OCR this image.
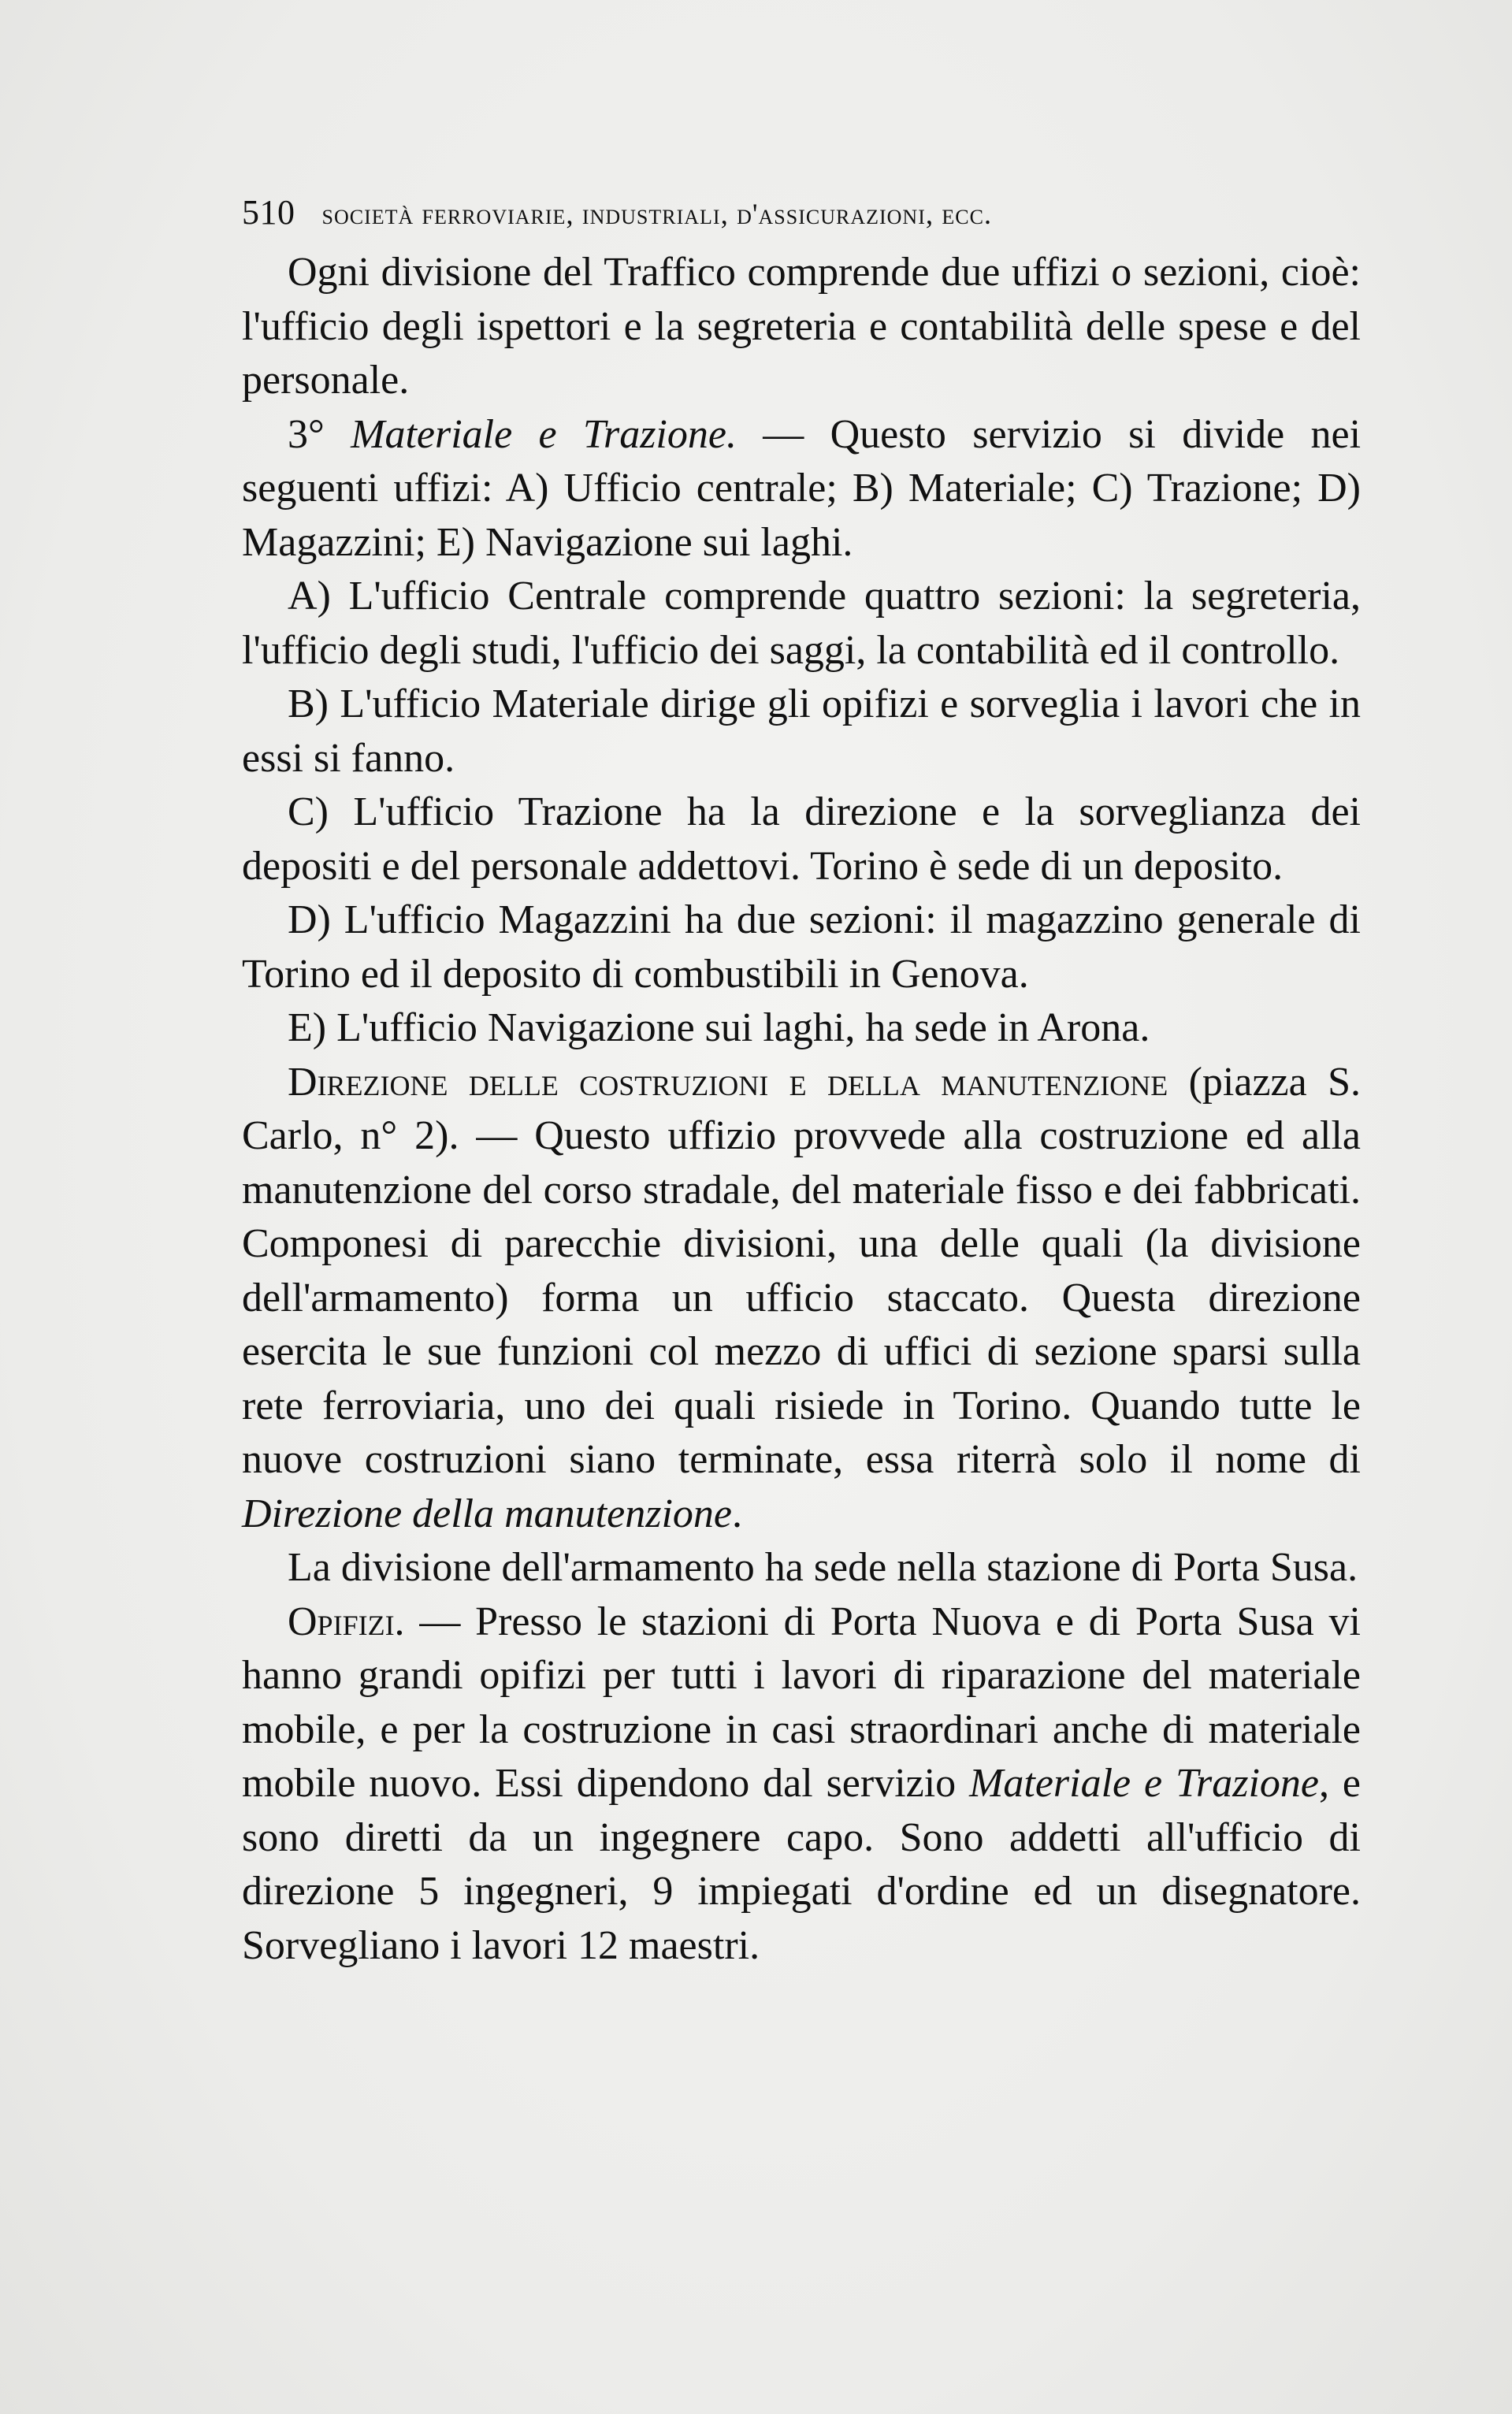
510 società ferroviarie, industriali, d'assicurazioni, ecc.

Ogni divisione del Traffico comprende due uffizi o sezioni, cioè: l'ufficio degli ispettori e la segreteria e contabilità delle spese e del personale.

3° Materiale e Trazione. — Questo servizio si divide nei seguenti uffizi: A) Ufficio centrale; B) Materiale; C) Trazione; D) Magazzini; E) Navigazione sui laghi.

A) L'ufficio Centrale comprende quattro sezioni: la segreteria, l'ufficio degli studi, l'ufficio dei saggi, la contabilità ed il controllo.

B) L'ufficio Materiale dirige gli opifizi e sorveglia i lavori che in essi si fanno.

C) L'ufficio Trazione ha la direzione e la sorveglianza dei depositi e del personale addettovi. Torino è sede di un deposito.

D) L'ufficio Magazzini ha due sezioni: il magazzino generale di Torino ed il deposito di combustibili in Genova.

E) L'ufficio Navigazione sui laghi, ha sede in Arona.

Direzione delle costruzioni e della manutenzione (piazza S. Carlo, n° 2). — Questo uffizio provvede alla costruzione ed alla manutenzione del corso stradale, del materiale fisso e dei fabbricati. Componesi di parecchie divisioni, una delle quali (la divisione dell'armamento) forma un ufficio staccato. Questa direzione esercita le sue funzioni col mezzo di uffici di sezione sparsi sulla rete ferroviaria, uno dei quali risiede in Torino. Quando tutte le nuove costruzioni siano terminate, essa riterrà solo il nome di Direzione della manutenzione.

La divisione dell'armamento ha sede nella stazione di Porta Susa.

Opifizi. — Presso le stazioni di Porta Nuova e di Porta Susa vi hanno grandi opifizi per tutti i lavori di riparazione del materiale mobile, e per la costruzione in casi straordinari anche di materiale mobile nuovo. Essi dipendono dal servizio Materiale e Trazione, e sono diretti da un ingegnere capo. Sono addetti all'ufficio di direzione 5 ingegneri, 9 impiegati d'ordine ed un disegnatore. Sorvegliano i lavori 12 maestri.
